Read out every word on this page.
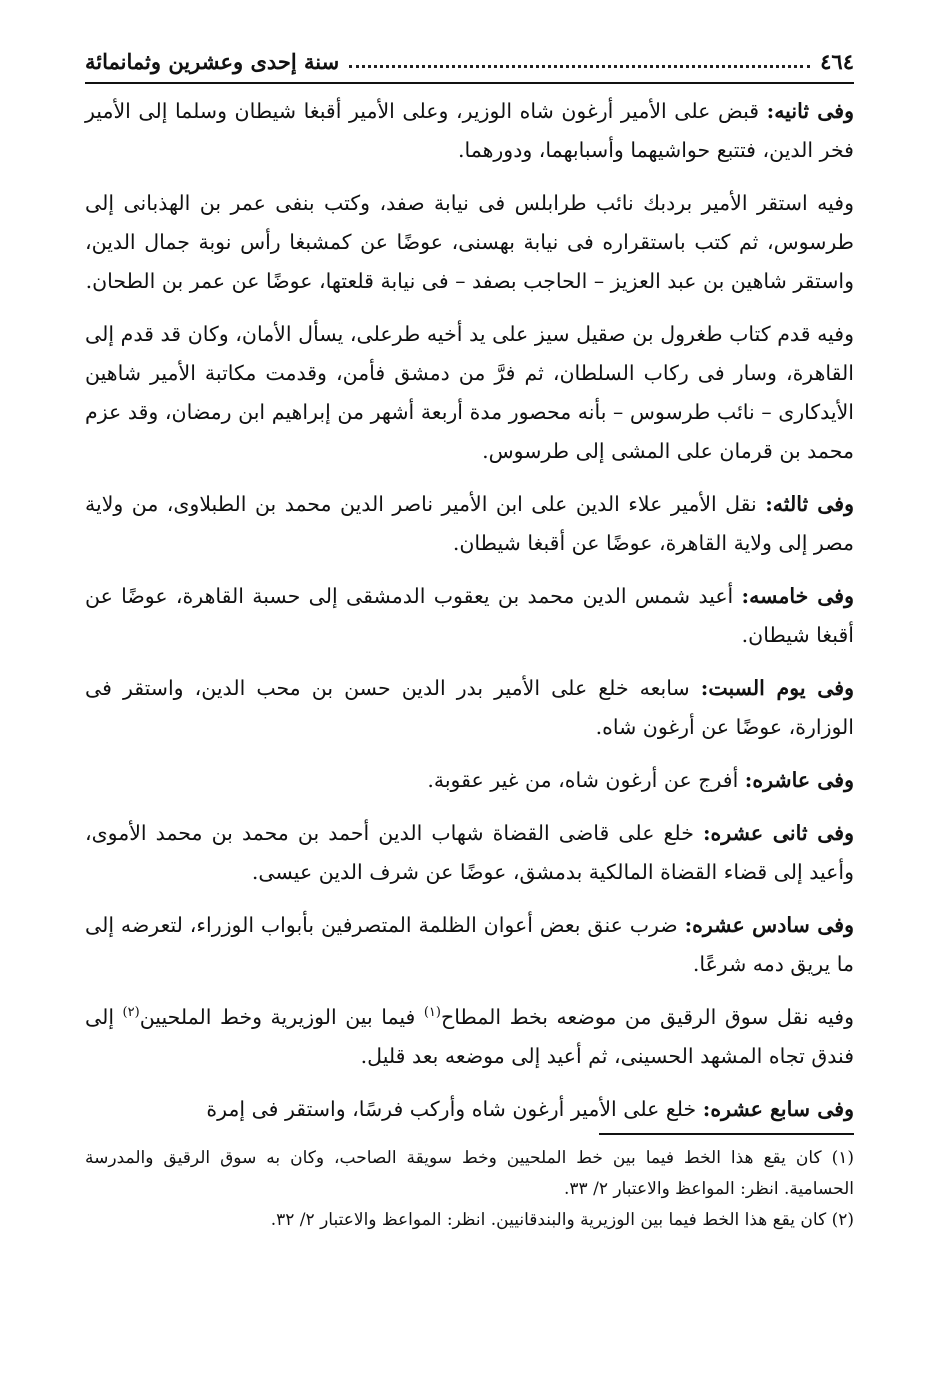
٤٦٤
سنة إحدى وعشرين وثمانمائة

وفى ثانيه: قبض على الأمير أرغون شاه الوزير، وعلى الأمير أقبغا شيطان وسلما إلى الأمير فخر الدين، فتتبع حواشيهما وأسبابهما، ودورهما.

وفيه استقر الأمير بردبك نائب طرابلس فى نيابة صفد، وكتب بنفى عمر بن الهذبانى إلى طرسوس، ثم كتب باستقراره فى نيابة بهسنى، عوضًا عن كمشبغا رأس نوبة جمال الدين، واستقر شاهين بن عبد العزيز – الحاجب بصفد – فى نيابة قلعتها، عوضًا عن عمر بن الطحان.

وفيه قدم كتاب طغرول بن صقيل سيز على يد أخيه طرعلى، يسأل الأمان، وكان قد قدم إلى القاهرة، وسار فى ركاب السلطان، ثم فرَّ من دمشق فأمن، وقدمت مكاتبة الأمير شاهين الأيدكارى – نائب طرسوس – بأنه محصور مدة أربعة أشهر من إبراهيم ابن رمضان، وقد عزم محمد بن قرمان على المشى إلى طرسوس.

وفى ثالثه: نقل الأمير علاء الدين على ابن الأمير ناصر الدين محمد بن الطبلاوى، من ولاية مصر إلى ولاية القاهرة، عوضًا عن أقبغا شيطان.

وفى خامسه: أعيد شمس الدين محمد بن يعقوب الدمشقى إلى حسبة القاهرة، عوضًا عن أقبغا شيطان.

وفى يوم السبت: سابعه خلع على الأمير بدر الدين حسن بن محب الدين، واستقر فى الوزارة، عوضًا عن أرغون شاه.

وفى عاشره: أفرج عن أرغون شاه، من غير عقوبة.

وفى ثانى عشره: خلع على قاضى القضاة شهاب الدين أحمد بن محمد بن محمد الأموى، وأعيد إلى قضاء القضاة المالكية بدمشق، عوضًا عن شرف الدين عيسى.

وفى سادس عشره: ضرب عنق بعض أعوان الظلمة المتصرفين بأبواب الوزراء، لتعرضه إلى ما يريق دمه شرعًا.

وفيه نقل سوق الرقيق من موضعه بخط المطاح$^{(١)}$ فيما بين الوزيرية وخط الملحيين$^{(٢)}$ إلى فندق تجاه المشهد الحسينى، ثم أعيد إلى موضعه بعد قليل.

وفى سابع عشره: خلع على الأمير أرغون شاه وأركب فرسًا، واستقر فى إمرة

(١) كان يقع هذا الخط فيما بين خط الملحيين وخط سويقة الصاحب، وكان به سوق الرقيق والمدرسة الحسامية. انظر: المواعظ والاعتبار ٢/ ٣٣.

(٢) كان يقع هذا الخط فيما بين الوزيرية والبندقانيين. انظر: المواعظ والاعتبار ٢/ ٣٢.
